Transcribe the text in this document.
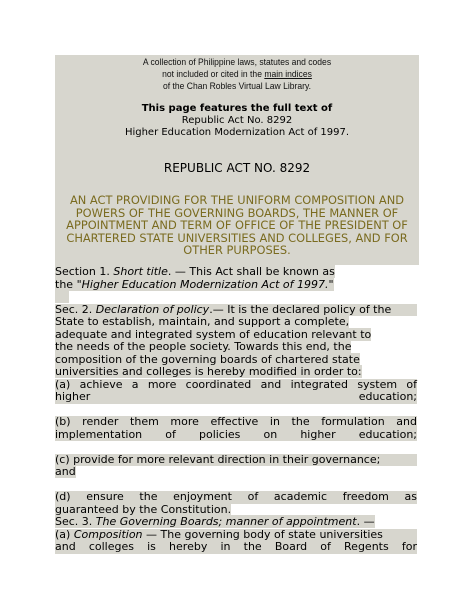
A collection of Philippine laws, statutes and codes
not included or cited in the main indices
of the Chan Robles Virtual Law Library.
This page features the full text of
Republic Act No. 8292
Higher Education Modernization Act of 1997.
REPUBLIC ACT NO. 8292
AN ACT PROVIDING FOR THE UNIFORM COMPOSITION AND
POWERS OF THE GOVERNING BOARDS, THE MANNER OF
APPOINTMENT AND TERM OF OFFICE OF THE PRESIDENT OF
CHARTERED STATE UNIVERSITIES AND COLLEGES, AND FOR
OTHER PURPOSES.
Section 1. Short title. — This Act shall be known as
the "Higher Education Modernization Act of 1997."

Sec. 2. Declaration of policy.— It is the declared policy of the
State to establish, maintain, and support a complete,
adequate and integrated system of education relevant to
the needs of the people society. Towards this end, the
composition of the governing boards of chartered state
universities and colleges is hereby modified in order to:
(a) achieve a more coordinated and integrated system of
higher	education;
(b) render them more effective in the formulation and
implementation of policies on higher education;
(c) provide for more relevant direction in their governance;
and
(d) ensure the enjoyment of academic freedom as
guaranteed by the Constitution.
Sec. 3. The Governing Boards; manner of appointment. —
(a) Composition — The governing body of state universities
and colleges is hereby in the Board of Regents for
